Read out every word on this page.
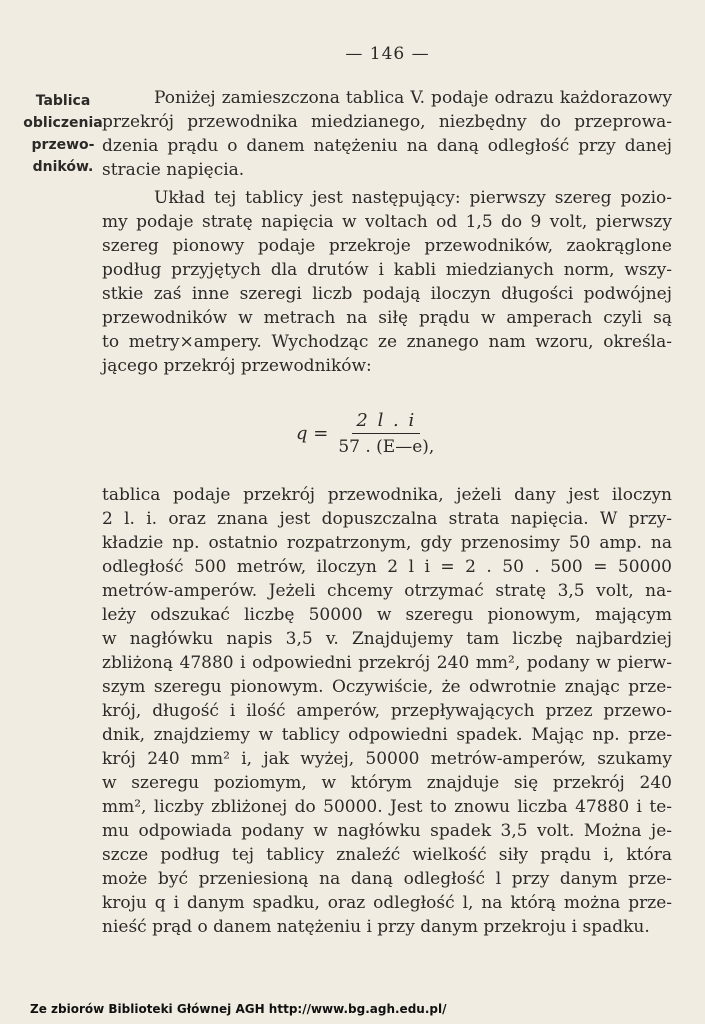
— 146 —
Tablica
obliczenia
przewo-
dników.
Poniżej zamieszczona tablica V. podaje odrazu każdorazowy
przekrój przewodnika miedzianego, niezbędny do przeprowa-
dzenia prądu o danem natężeniu na daną odległość przy danej
stracie napięcia.
Układ tej tablicy jest następujący: pierwszy szereg pozio-
my podaje stratę napięcia w voltach od 1,5 do 9 volt, pierwszy
szereg pionowy podaje przekroje przewodników, zaokrąglone
podług przyjętych dla drutów i kabli miedzianych norm, wszy-
stkie zaś inne szeregi liczb podają iloczyn długości podwójnej
przewodników w metrach na siłę prądu w amperach czyli są
to metry×ampery. Wychodząc ze znanego nam wzoru, określa-
jącego przekrój przewodników:
$q = \frac{2 l . i}{57 . (E—e),}$
tablica podaje przekrój przewodnika, jeżeli dany jest iloczyn
2 l. i. oraz znana jest dopuszczalna strata napięcia. W przy-
kładzie np. ostatnio rozpatrzonym, gdy przenosimy 50 amp. na
odległość 500 metrów, iloczyn 2 l i = 2 . 50 . 500 = 50000
metrów-amperów. Jeżeli chcemy otrzymać stratę 3,5 volt, na-
leży odszukać liczbę 50000 w szeregu pionowym, mającym
w nagłówku napis 3,5 v. Znajdujemy tam liczbę najbardziej
zbliżoną 47880 i odpowiedni przekrój 240 mm², podany w pierw-
szym szeregu pionowym. Oczywiście, że odwrotnie znając prze-
krój, długość i ilość amperów, przepływających przez przewo-
dnik, znajdziemy w tablicy odpowiedni spadek. Mając np. prze-
krój 240 mm² i, jak wyżej, 50000 metrów-amperów, szukamy
w szeregu poziomym, w którym znajduje się przekrój 240
mm², liczby zbliżonej do 50000. Jest to znowu liczba 47880 i te-
mu odpowiada podany w nagłówku spadek 3,5 volt. Można je-
szcze podług tej tablicy znaleźć wielkość siły prądu i, która
może być przeniesioną na daną odległość l przy danym prze-
kroju q i danym spadku, oraz odległość l, na którą można prze-
nieść prąd o danem natężeniu i przy danym przekroju i spadku.
Ze zbiorów Biblioteki Głównej AGH http://www.bg.agh.edu.pl/
